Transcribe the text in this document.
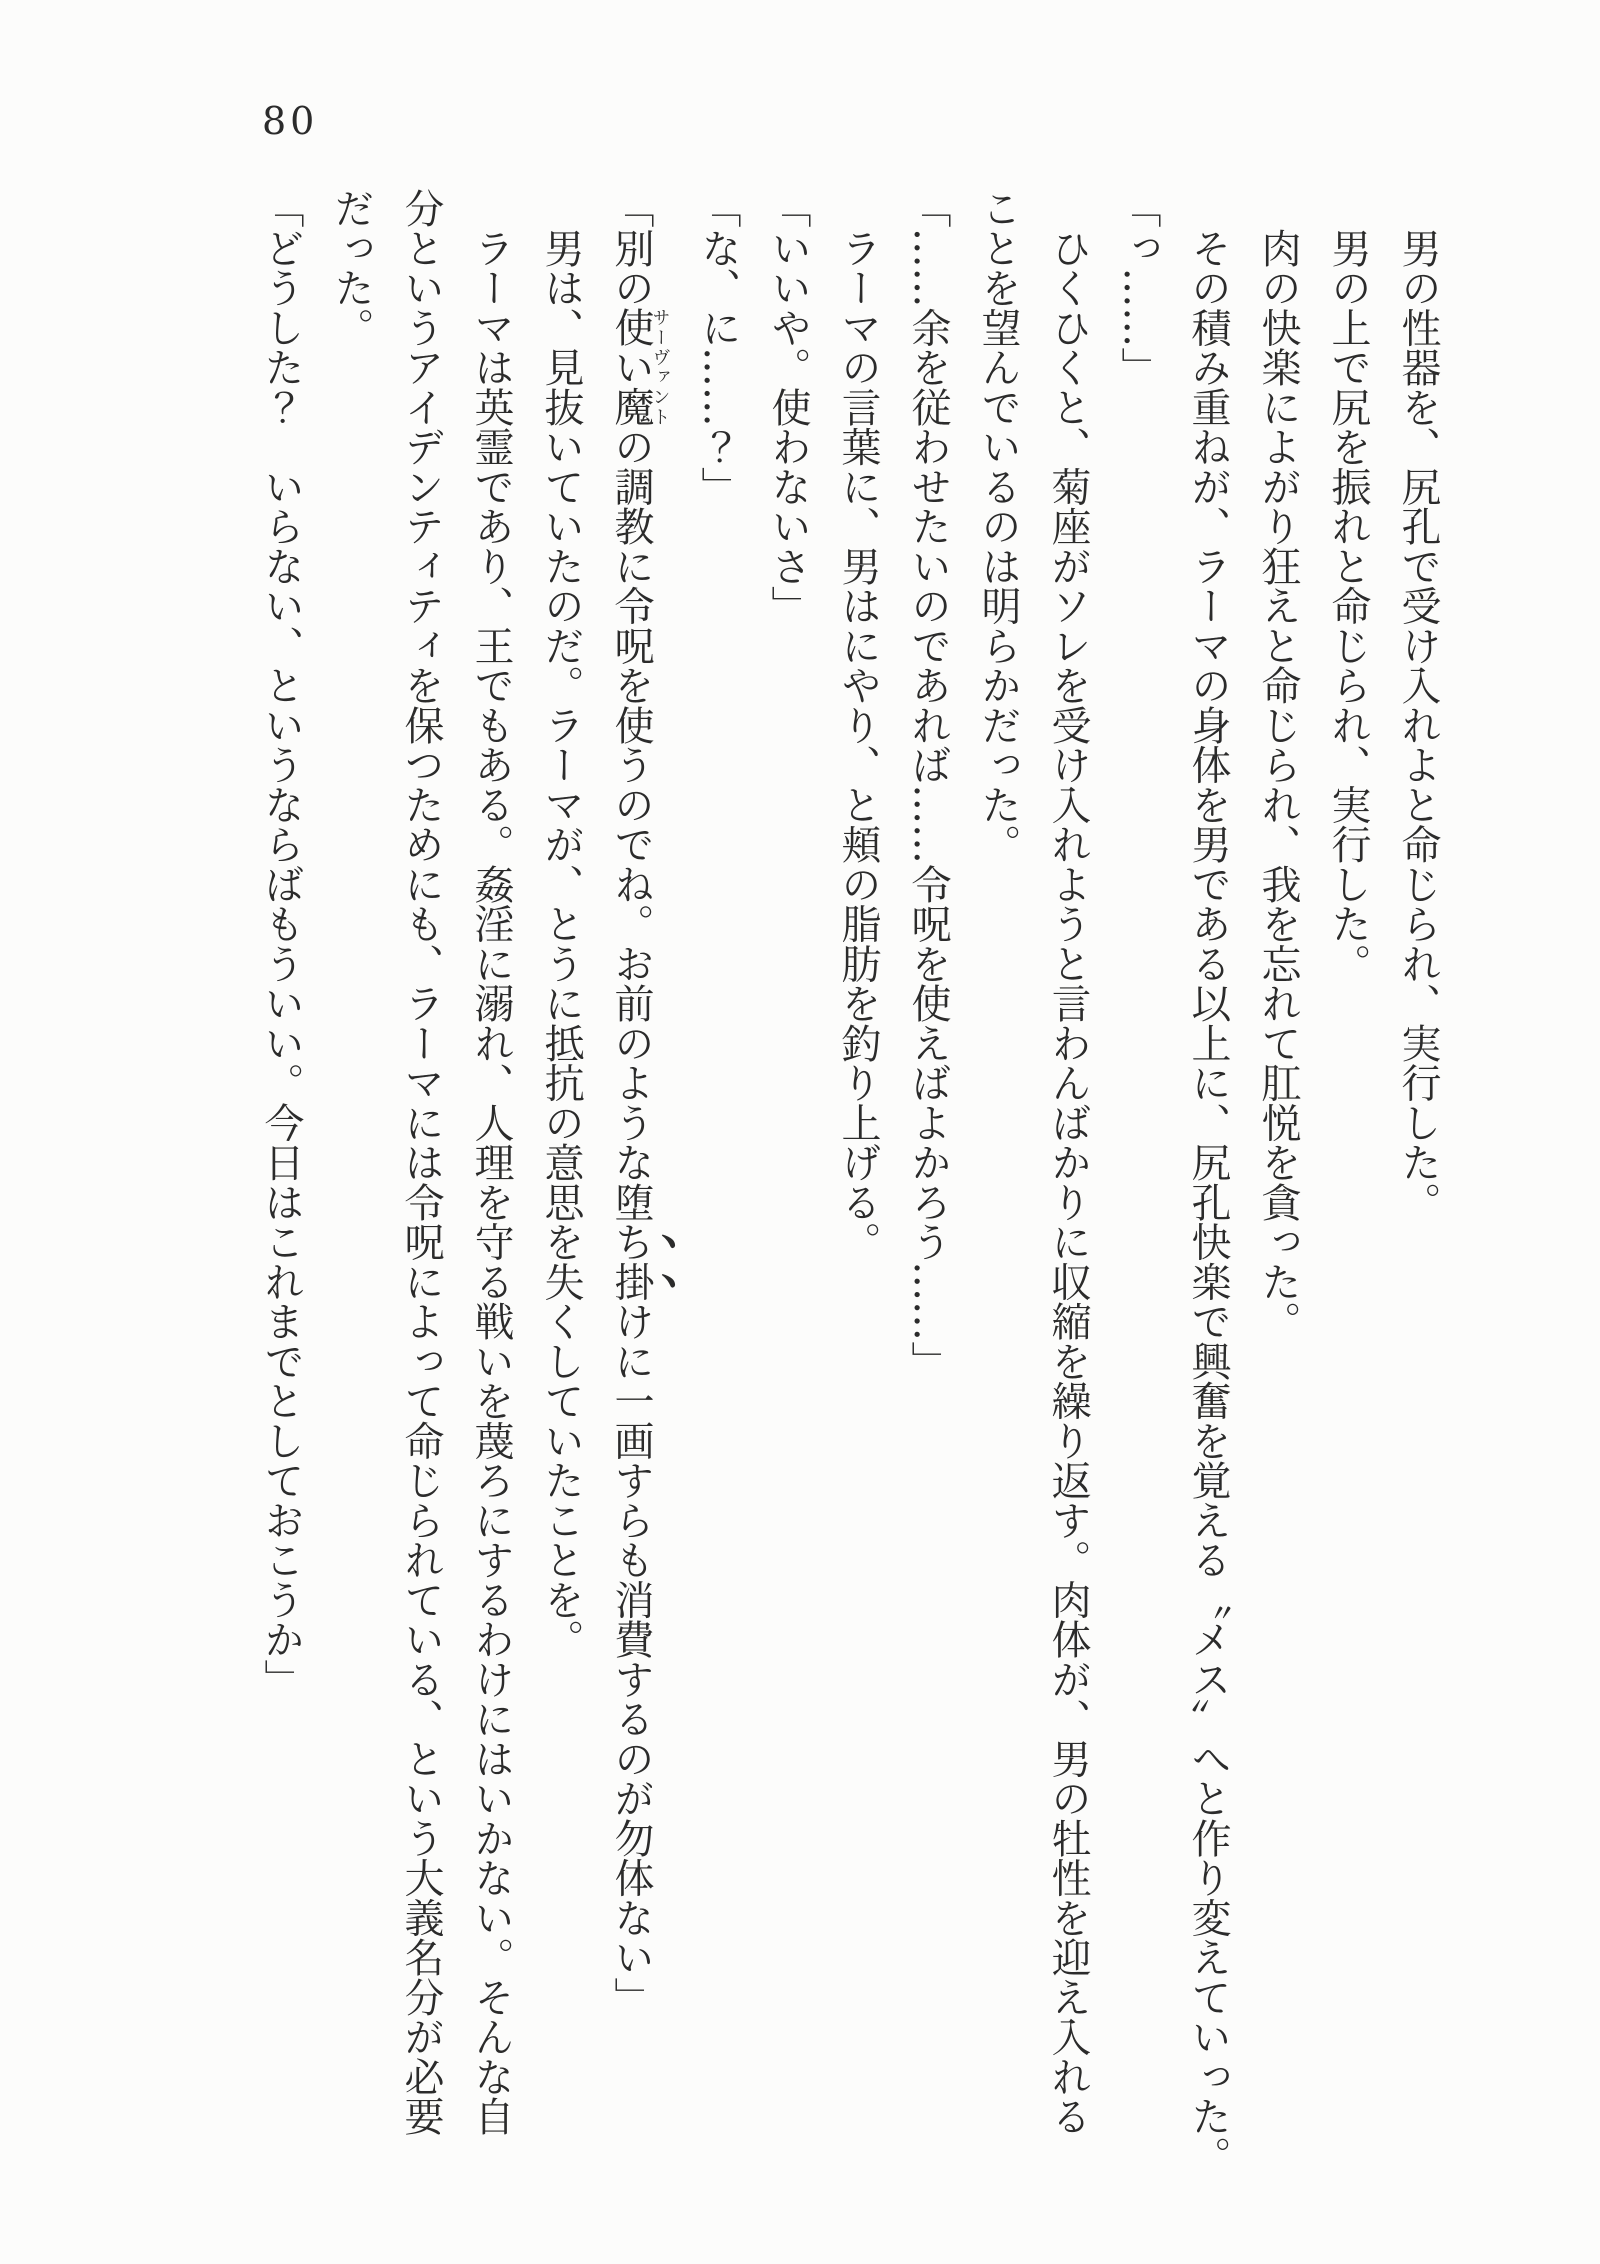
80

　男の性器を、尻孔で受け入れよと命じられ、実行した。

　男の上で尻を振れと命じられ、実行した。

　肉の快楽によがり狂えと命じられ、我を忘れて肛悦を貪った。

　その積み重ねが、ラーマの身体を男である以上に、尻孔快楽で興奮を覚える〝メス〟へと作り変えていった。

「っ……」

　ひくひくと、菊座がソレを受け入れようと言わんばかりに収縮を繰り返す。肉体が、男の牡性を迎え入れる

ことを望んでいるのは明らかだった。

「……余を従わせたいのであれば……令呪を使えばよかろう……」

　ラーマの言葉に、男はにやり、と頬の脂肪を釣り上げる。

「いいや。使わないさ」

「な、に……？」

「別の使い魔サーヴァントの調教に令呪を使うのでね。お前のような堕ち掛けに一画すらも消費するのが勿体ない」

　男は、見抜いていたのだ。ラーマが、とうに抵抗の意思を失くしていたことを。

　ラーマは英霊であり、王でもある。姦淫に溺れ、人理を守る戦いを蔑ろにするわけにはいかない。そんな自

分というアイデンティティを保つためにも、ラーマには令呪によって命じられている、という大義名分が必要

だった。

「どうした？　いらない、というならばもういい。今日はこれまでとしておこうか」
